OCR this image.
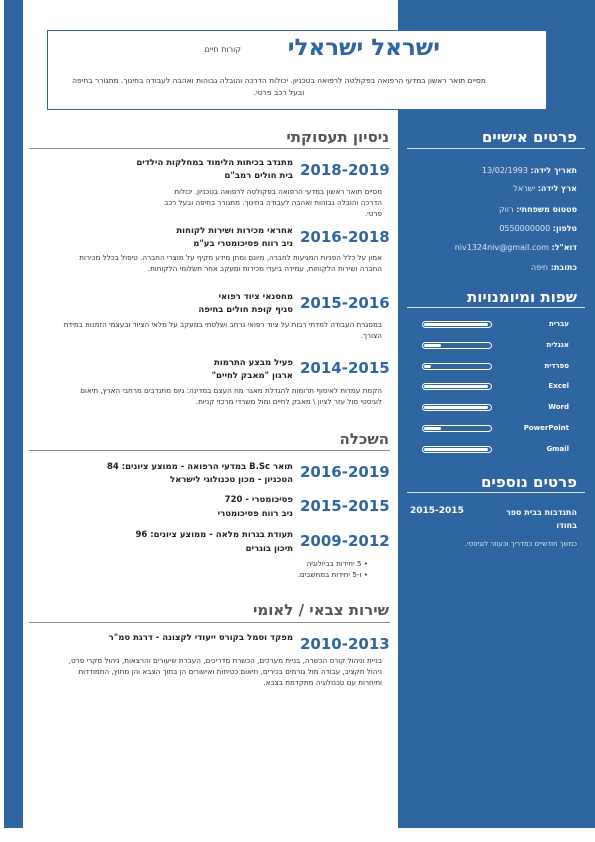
ישראל ישראלי
קורות חיים
מסיים תואר ראשון במדעי הרפואה בפקולטה לרפואה בטכניון. יכולות הדרכה והובלה גבוהות ואהבה לעבודה בחינוך. מתגורר בחיפה ובעל רכב פרטי.
ניסיון תעסוקתי
2018-2019
מתנדב בכיתות הלימוד במחלקות הילדים
בית חולים רמב"ם
מסיים תואר ראשון במדעי הרפואה בפקולטה לרפואה בטכניון. יכולות הדרכה והובלה גבוהות ואהבה לעבודה בחינוך. מתגורר בחיפה ובעל רכב פרטי.
2016-2018
אחראי מכירות ושירות לקוחות
ניב רווח פסיכומטרי בע"מ
אמון על כלל הפניות המגיעות לחברה, מיונם ומתן מידע מקיף על מוצרי החברה. טיפול בכלל מכירות החברה ושירות הלקוחות, עמידה ביעדי מכירות ומעקב אחר תשלומי הלקוחות.
2015-2016
מחסנאי ציוד רפואי
סניף קופת חולים בחיפה
במסגרת העבודה למדתי רבות על ציוד רפואי נרחב ושלטתי במעקב על מלאי הציוד ובעצמי הזמנות במידת הצורך.
2014-2015
פעיל מבצע התרמות
ארגון "מאבק לחיים"
הקמת עמדות לאיסוף תרומות להגדלת מאגר מח העצם במדינה: גיוס מתנדבים מרחבי הארץ, תיאום לוגיסטי מול עזר לציון \ מאבק לחיים ומול משרדי מרכזי קניות.
השכלה
2016-2019
תואר B.Sc במדעי הרפואה - ממוצע ציונים: 84
הטכניון - מכון טכנולוגי לישראל
2015-2015
פסיכומטרי - 720
ניב רווח פסיכומטרי
2009-2012
תעודת בגרות מלאה - ממוצע ציונים: 96
תיכון בוגרים
• 5 יחידות בביולוגיה
• ו-5 יחידות במחשבים.
שירות צבאי / לאומי
2010-2013
מפקד וסמל בקורס ייעודי לקצונה - דרגת סמ"ר
בניית וניהול קורס הכשרה, בניית מערכים, הכשרת מדריכים, העברת שיעורים והרצאות, ניהול מקרי פרט, ניהול תקציב, עבודה מול גורמים בכירים, תיאום כטיחות ואישורים הן בתוך הצבא והן מחוץ, התמודדות ותיחרות עם טכנולוגיה מתקדמת בצבא.
פרטים אישיים
תאריך לידה: 13/02/1993
ארץ לידה: ישראל
סטטוס משפחתי: רווק
טלפון: 0550000000
דוא"ל: niv1324niv@gmail.com
כתובת: חיפה
שפות ומיומנויות
עברית
אנגלית
ספרדית
Excel
Word
PowerPoint
Gmail
פרטים נוספים
2015-2015	התנדבות בבית ספר בחודו
כמשך חודשיים כמדריך וכעוזר לוגיסטי.
